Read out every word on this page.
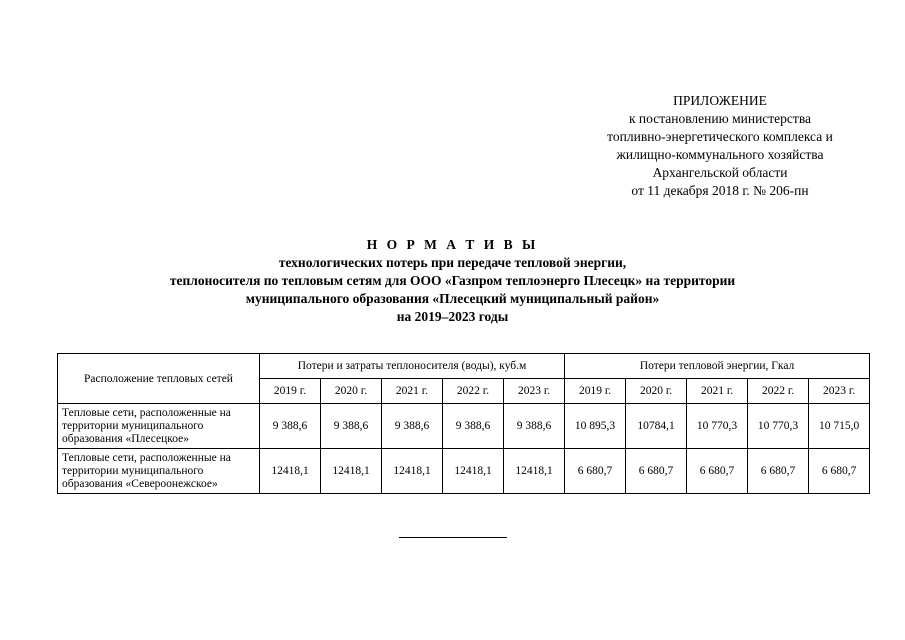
ПРИЛОЖЕНИЕ
к постановлению министерства
топливно-энергетического комплекса и
жилищно-коммунального хозяйства
Архангельской области
от 11 декабря 2018 г. № 206-пн
Н О Р М А Т И В Ы
технологических потерь при передаче тепловой энергии,
теплоносителя по тепловым сетям для ООО «Газпром теплоэнерго Плесецк» на территории
муниципального образования «Плесецкий муниципальный район»
на 2019–2023 годы
Расположение тепловых сетей	Потери и затраты теплоносителя (воды), куб.м					Потери тепловой энергии, Гкал				
	2019 г.	2020 г.	2021 г.	2022 г.	2023 г.	2019 г.	2020 г.	2021 г.	2022 г.	2023 г.
Тепловые сети, расположенные на территории муниципального образования «Плесецкое»	9 388,6	9 388,6	9 388,6	9 388,6	9 388,6	10 895,3	10784,1	10 770,3	10 770,3	10 715,0
Тепловые сети, расположенные на территории муниципального образования «Североонежское»	12418,1	12418,1	12418,1	12418,1	12418,1	6 680,7	6 680,7	6 680,7	6 680,7	6 680,7
